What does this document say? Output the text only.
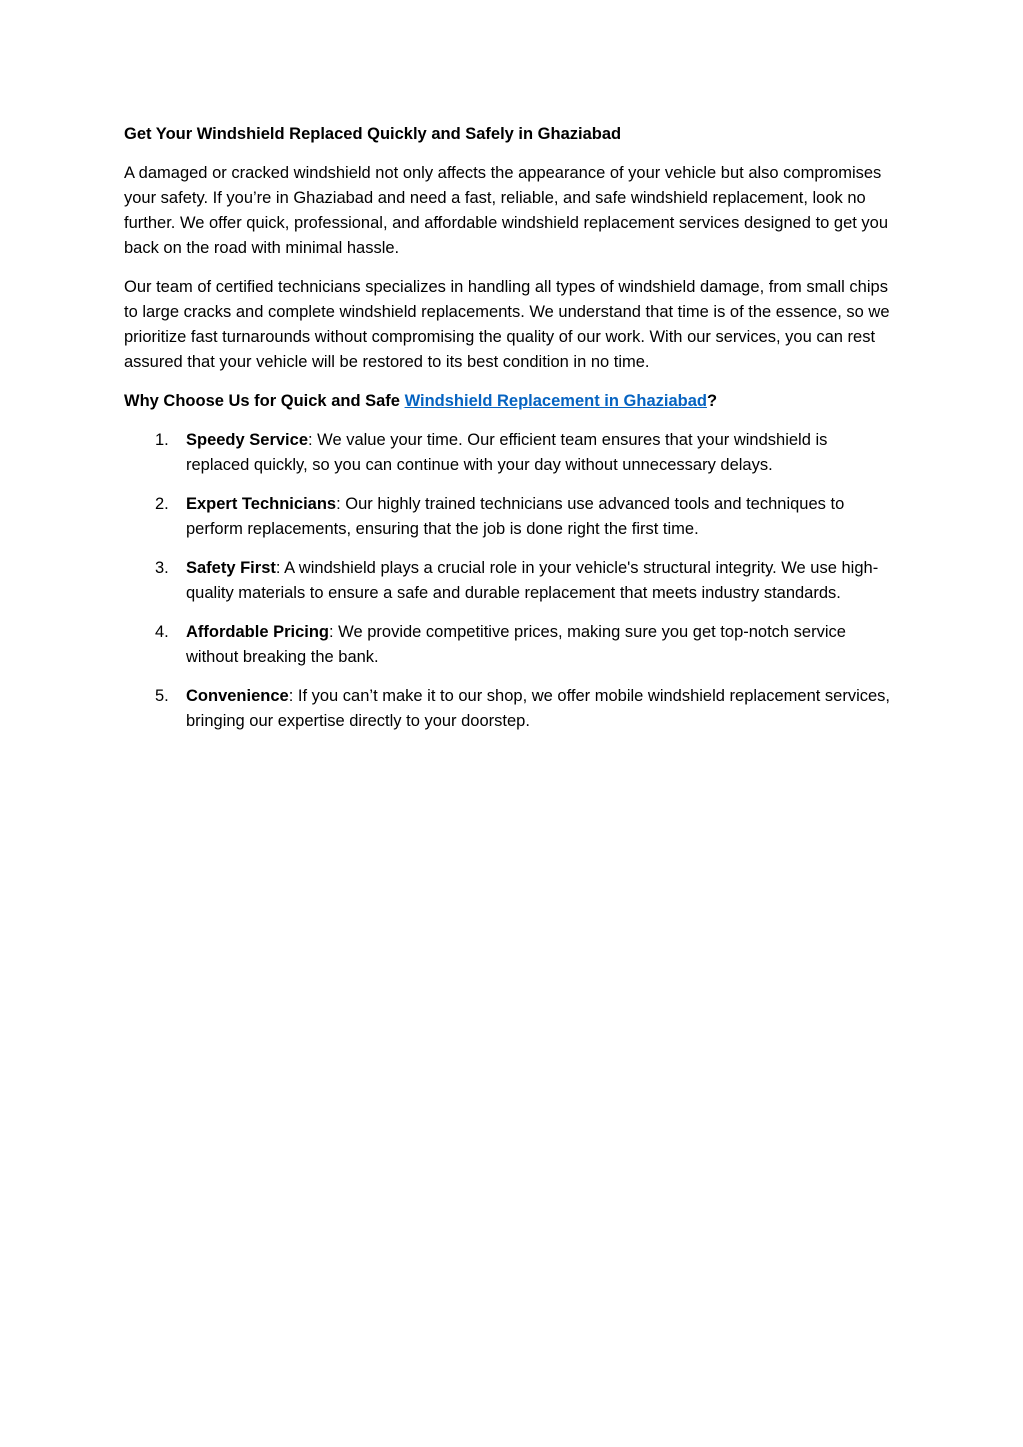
Get Your Windshield Replaced Quickly and Safely in Ghaziabad

A damaged or cracked windshield not only affects the appearance of your vehicle but also compromises your safety. If you’re in Ghaziabad and need a fast, reliable, and safe windshield replacement, look no further. We offer quick, professional, and affordable windshield replacement services designed to get you back on the road with minimal hassle.

Our team of certified technicians specializes in handling all types of windshield damage, from small chips to large cracks and complete windshield replacements. We understand that time is of the essence, so we prioritize fast turnarounds without compromising the quality of our work. With our services, you can rest assured that your vehicle will be restored to its best condition in no time.

Why Choose Us for Quick and Safe Windshield Replacement in Ghaziabad?

1. Speedy Service: We value your time. Our efficient team ensures that your windshield is replaced quickly, so you can continue with your day without unnecessary delays.
2. Expert Technicians: Our highly trained technicians use advanced tools and techniques to perform replacements, ensuring that the job is done right the first time.
3. Safety First: A windshield plays a crucial role in your vehicle's structural integrity. We use high-quality materials to ensure a safe and durable replacement that meets industry standards.
4. Affordable Pricing: We provide competitive prices, making sure you get top-notch service without breaking the bank.
5. Convenience: If you can’t make it to our shop, we offer mobile windshield replacement services, bringing our expertise directly to your doorstep.
